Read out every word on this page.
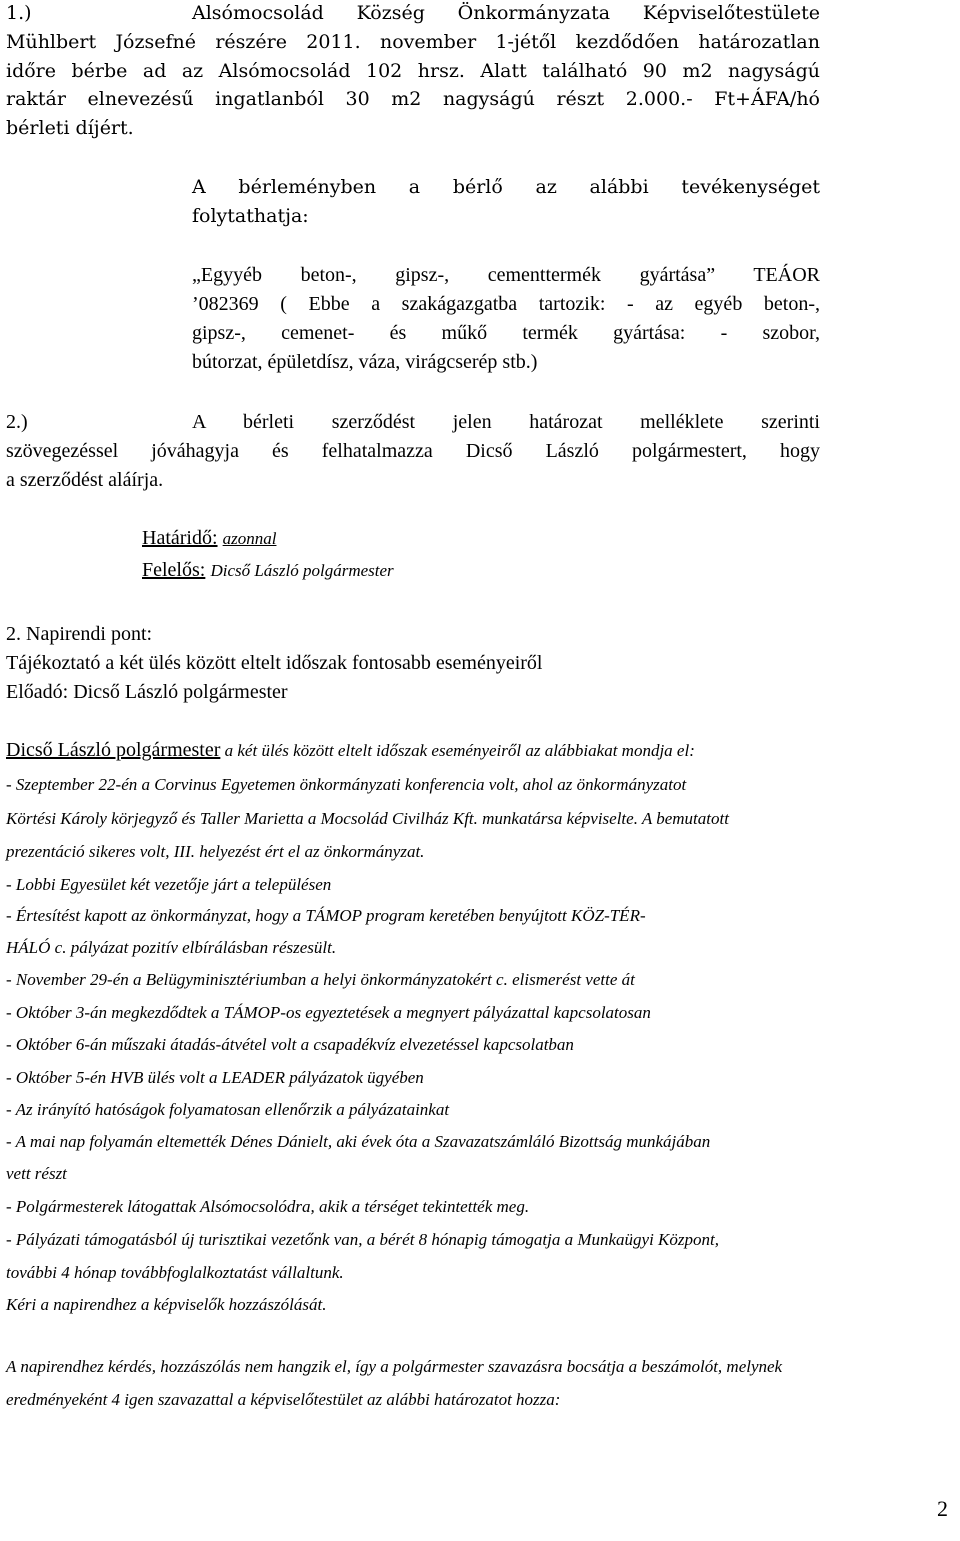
1.)	Alsómocsolád Község Önkormányzata Képviselőtestülete
Mühlbert Józsefné részére 2011. november 1-jétől kezdődően határozatlan
időre bérbe ad az Alsómocsolád 102 hrsz. Alatt található 90 m2 nagyságú
raktár elnevezésű ingatlanból 30 m2 nagyságú részt 2.000.- Ft+ÁFA/hó
bérleti díjért.
A bérleményben a bérlő az alábbi tevékenységet
folytathatja:
„Egyyéb beton-, gipsz-, cementtermék gyártása” TEÁOR
’082369 ( Ebbe a szakágazgatba tartozik: - az egyéb beton-,
gipsz-, cemenet- és műkő termék gyártása: - szobor,
bútorzat, épületdísz, váza, virágcserép stb.)
2.)	A bérleti szerződést jelen határozat melléklete szerinti
szövegezéssel jóváhagyja és felhatalmazza Dicső László polgármestert, hogy
a szerződést aláírja.
Határidő: azonnal
Felelős: Dicső László polgármester
2. Napirendi pont:
Tájékoztató a két ülés között eltelt időszak fontosabb eseményeiről
Előadó: Dicső László polgármester
Dicső László polgármester a két ülés között eltelt időszak eseményeiről az alábbiakat mondja el:
- Szeptember 22-én a Corvinus Egyetemen önkormányzati konferencia volt, ahol az önkormányzatot
Körtési Károly körjegyző és Taller Marietta a Mocsolád Civilház Kft. munkatársa képviselte. A bemutatott
prezentáció sikeres volt, III. helyezést ért el az önkormányzat.
- Lobbi Egyesület két vezetője járt a településen
- Értesítést kapott az önkormányzat, hogy a TÁMOP program keretében benyújtott KÖZ-TÉR-
HÁLÓ c. pályázat pozitív elbírálásban részesült.
- November 29-én a Belügyminisztériumban a helyi önkormányzatokért c. elismerést vette át
- Október 3-án megkezdődtek a TÁMOP-os egyeztetések a megnyert pályázattal kapcsolatosan
- Október 6-án műszaki átadás-átvétel volt a csapadékvíz elvezetéssel kapcsolatban
- Október 5-én HVB ülés volt a LEADER pályázatok ügyében
- Az irányító hatóságok folyamatosan ellenőrzik a pályázatainkat
- A mai nap folyamán eltemették Dénes Dánielt, aki évek óta a Szavazatszámláló Bizottság munkájában
vett részt
- Polgármesterek látogattak Alsómocsolódra, akik a térséget tekintették meg.
- Pályázati támogatásból új turisztikai vezetőnk van, a bérét 8 hónapig támogatja a Munkaügyi Központ,
további 4 hónap továbbfoglalkoztatást vállaltunk.
Kéri a napirendhez a képviselők hozzászólását.
A napirendhez kérdés, hozzászólás nem hangzik el, így a polgármester szavazásra bocsátja a beszámolót, melynek
eredményeként 4 igen szavazattal a képviselőtestület az alábbi határozatot hozza:
2
